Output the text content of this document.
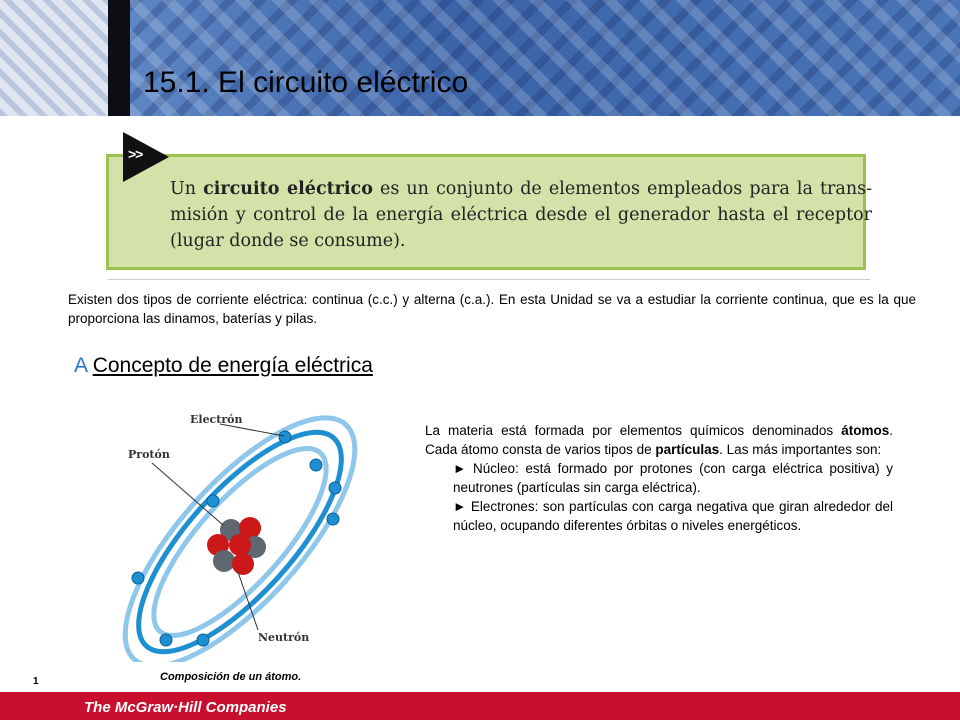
15.1. El circuito eléctrico
>>
Un circuito eléctrico es un conjunto de elementos empleados para la transmisión y control de la energía eléctrica desde el generador hasta el receptor (lugar donde se consume).
Existen dos tipos de corriente eléctrica: continua (c.c.) y alterna (c.a.). En esta Unidad se va a estudiar la corriente continua, que es la que proporciona las dinamos, baterías y pilas.
A Concepto de energía eléctrica
Electrón
Protón
Neutrón
Composición de un átomo.
La materia está formada por elementos químicos denominados átomos. Cada átomo consta de varios tipos de partículas. Las más importantes son:
► Núcleo: está formado por protones (con carga eléctrica positiva) y neutrones (partículas sin carga eléctrica).
► Electrones: son partículas con carga negativa que giran alrededor del núcleo, ocupando diferentes órbitas o niveles energéticos.
1
The McGraw·Hill Companies
